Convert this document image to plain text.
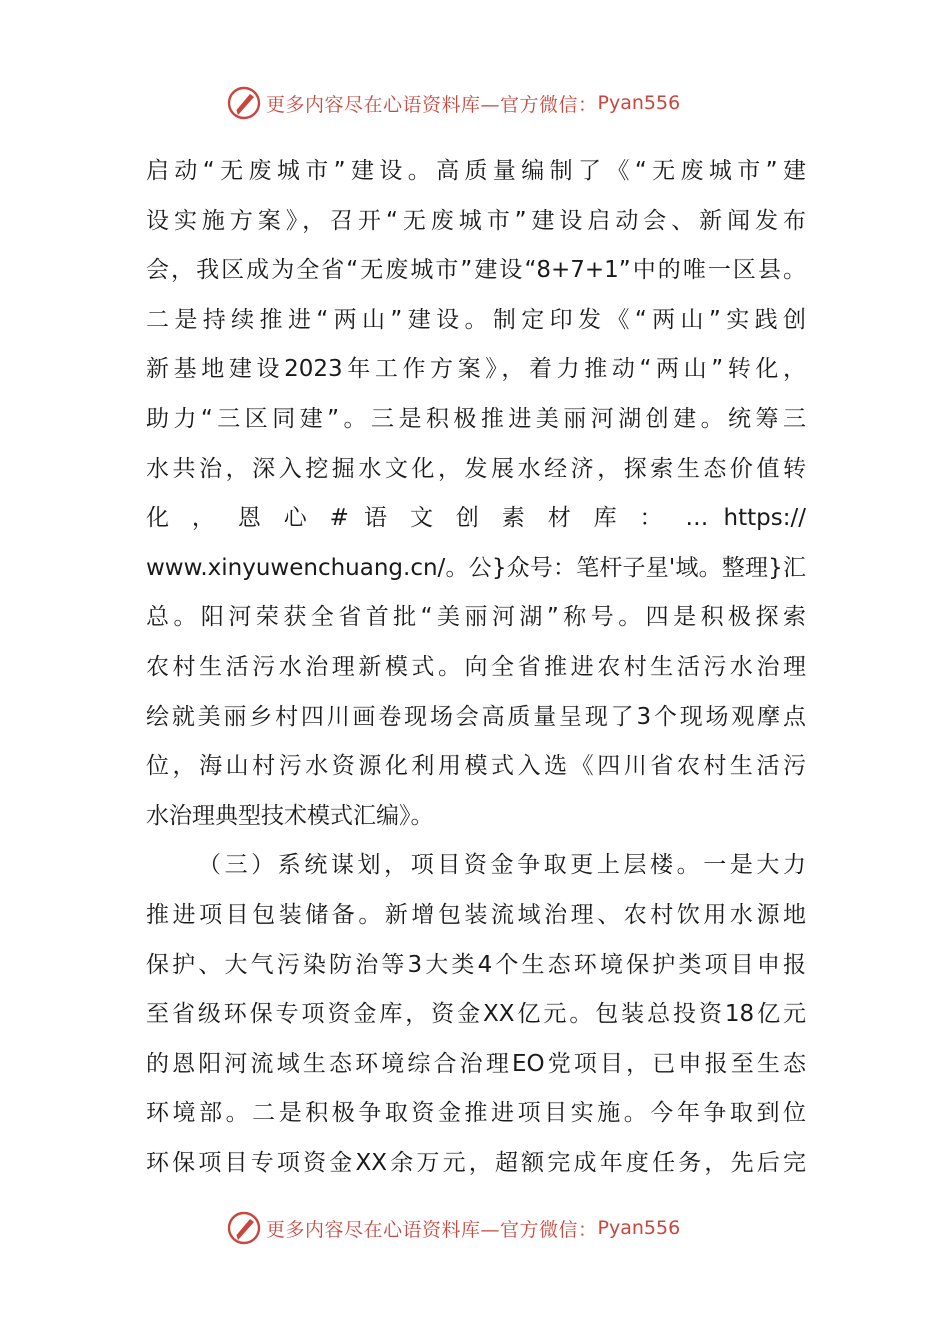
更多内容尽在心语资料库 —官方微信： Pyan556
启动“无废城市”建设。高质量编制了《“无废城市”建
设实施方案》，召开“无废城市”建设启动会、新闻发布
会，我区成为全省“无废城市”建设“8+7+1”中的唯一区县。
二是持续推进“两山”建设。制定印发《“两山”实践创
新基地建设2023年工作方案》，着力推动“两山”转化，
助力“三区同建”。三是积极推进美丽河湖创建。统筹三
水共治，深入挖掘水文化，发展水经济，探索生态价值转
化 ， 恩 心 # 语 文 创 素 材 库 ： … https://
www.xinyuwenchuang.cn/。公}众号：笔杆子星'域。整理}汇
总。阳河荣获全省首批“美丽河湖”称号。四是积极探索
农村生活污水治理新模式。向全省推进农村生活污水治理
绘就美丽乡村四川画卷现场会高质量呈现了3个现场观摩点
位，海山村污水资源化利用模式入选《四川省农村生活污
水治理典型技术模式汇编》。
（三）系统谋划，项目资金争取更上层楼。一是大力
推进项目包装储备。新增包装流域治理、农村饮用水源地
保护、大气污染防治等3大类4个生态环境保护类项目申报
至省级环保专项资金库，资金XX亿元。包装总投资18亿元
的恩阳河流域生态环境综合治理EO党项目，已申报至生态
环境部。二是积极争取资金推进项目实施。今年争取到位
环保项目专项资金XX余万元，超额完成年度任务，先后完
更多内容尽在心语资料库 —官方微信： Pyan556
